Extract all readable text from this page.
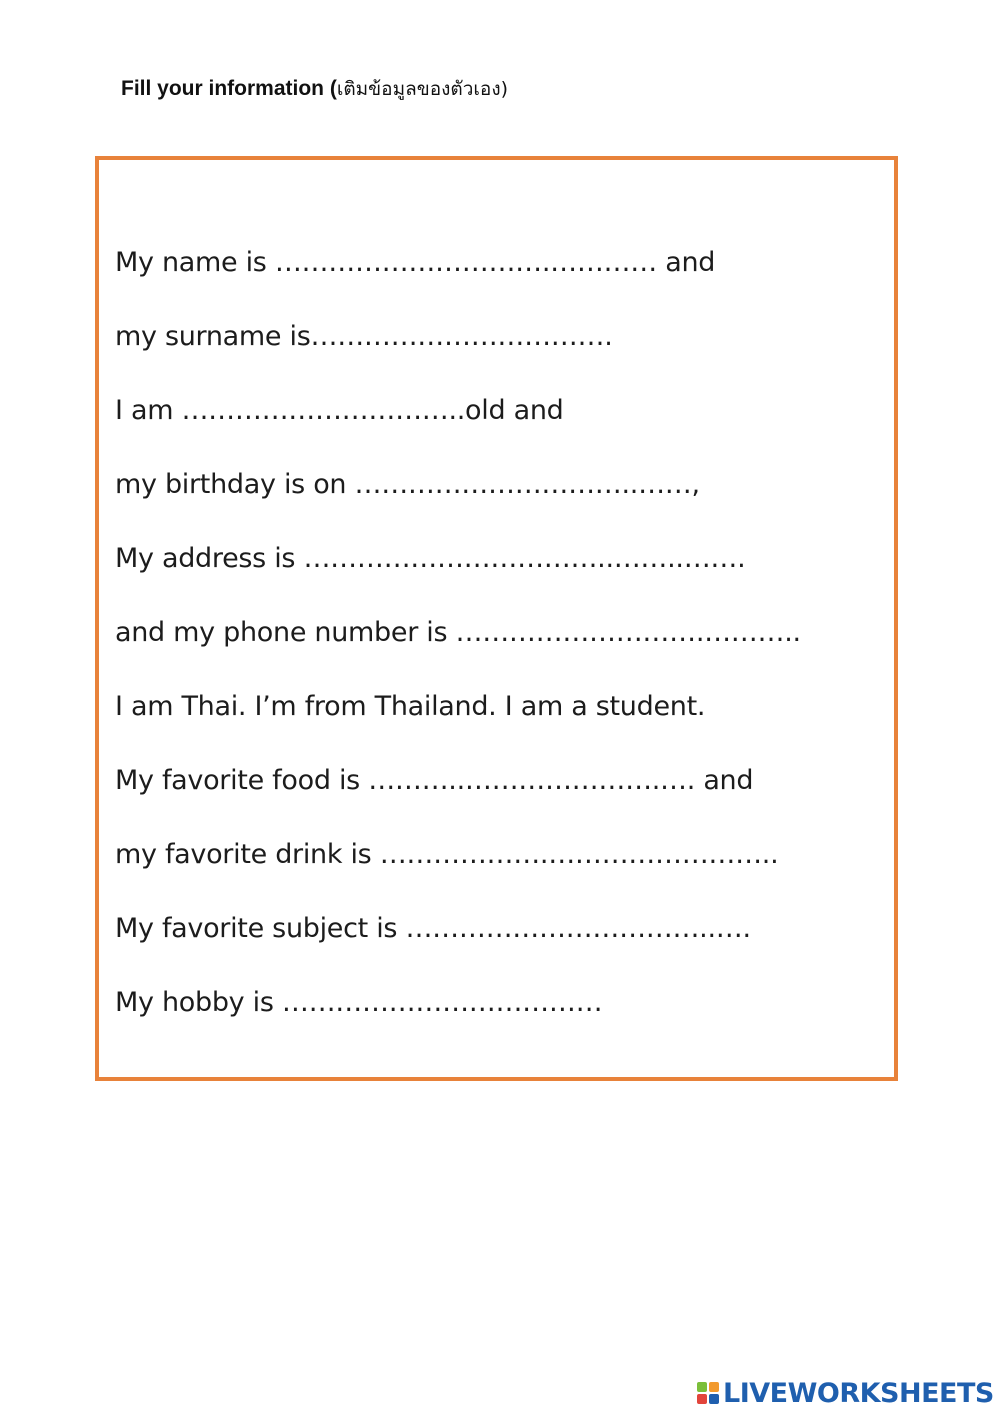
Fill your information (เติมข้อมูลของตัวเอง)
My name is ………………………….………… and
my surname is…………………………….
I am …………………………..old and
my birthday is on …………………………..……,
My address is ……………………………..……..…….
and my phone number is ……………………….………..
I am Thai. I’m from Thailand. I am a student.
My favorite food is ………..………………….…. and
my favorite drink is ……………….……………………..
My favorite subject is ……………………………..….
My hobby is ………………………………
LIVEWORKSHEETS
